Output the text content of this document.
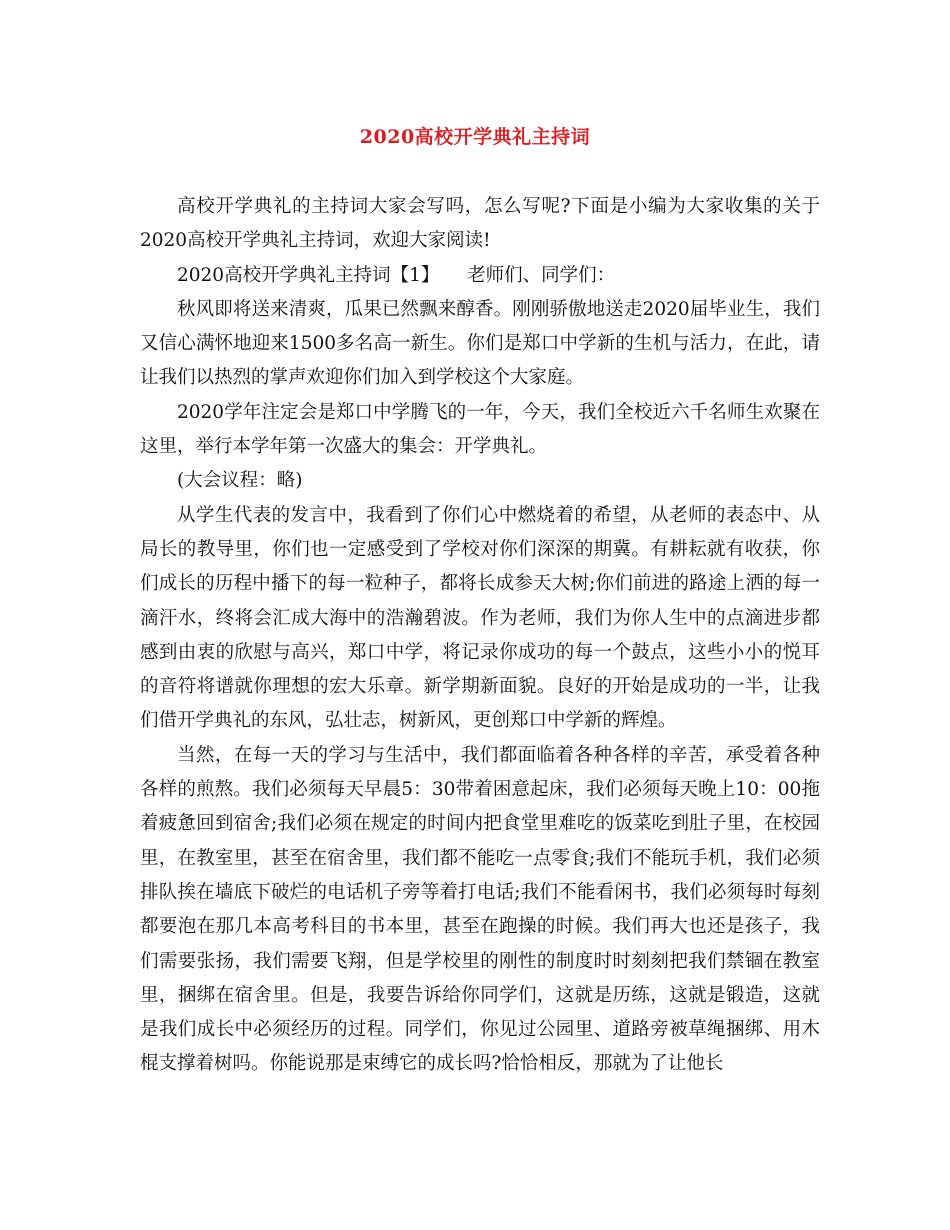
2020高校开学典礼主持词

高校开学典礼的主持词大家会写吗，怎么写呢?下面是小编为大家收集的关于2020高校开学典礼主持词，欢迎大家阅读!

2020高校开学典礼主持词【1】　　老师们、同学们：

秋风即将送来清爽，瓜果已然飘来醇香。刚刚骄傲地送走2020届毕业生，我们又信心满怀地迎来1500多名高一新生。你们是郑口中学新的生机与活力，在此，请让我们以热烈的掌声欢迎你们加入到学校这个大家庭。

2020学年注定会是郑口中学腾飞的一年，今天，我们全校近六千名师生欢聚在这里，举行本学年第一次盛大的集会：开学典礼。

(大会议程：略)

从学生代表的发言中，我看到了你们心中燃烧着的希望，从老师的表态中、从局长的教导里，你们也一定感受到了学校对你们深深的期冀。有耕耘就有收获，你们成长的历程中播下的每一粒种子，都将长成参天大树;你们前进的路途上洒的每一滴汗水，终将会汇成大海中的浩瀚碧波。作为老师，我们为你人生中的点滴进步都感到由衷的欣慰与高兴，郑口中学，将记录你成功的每一个鼓点，这些小小的悦耳的音符将谱就你理想的宏大乐章。新学期新面貌。良好的开始是成功的一半，让我们借开学典礼的东风，弘壮志，树新风，更创郑口中学新的辉煌。

当然，在每一天的学习与生活中，我们都面临着各种各样的辛苦，承受着各种各样的煎熬。我们必须每天早晨5：30带着困意起床，我们必须每天晚上10：00拖着疲惫回到宿舍;我们必须在规定的时间内把食堂里难吃的饭菜吃到肚子里，在校园里，在教室里，甚至在宿舍里，我们都不能吃一点零食;我们不能玩手机，我们必须排队挨在墙底下破烂的电话机子旁等着打电话;我们不能看闲书，我们必须每时每刻都要泡在那几本高考科目的书本里，甚至在跑操的时候。我们再大也还是孩子，我们需要张扬，我们需要飞翔，但是学校里的刚性的制度时时刻刻把我们禁锢在教室里，捆绑在宿舍里。但是，我要告诉给你同学们，这就是历练，这就是锻造，这就是我们成长中必须经历的过程。同学们，你见过公园里、道路旁被草绳捆绑、用木棍支撑着树吗。你能说那是束缚它的成长吗?恰恰相反，那就为了让他长
